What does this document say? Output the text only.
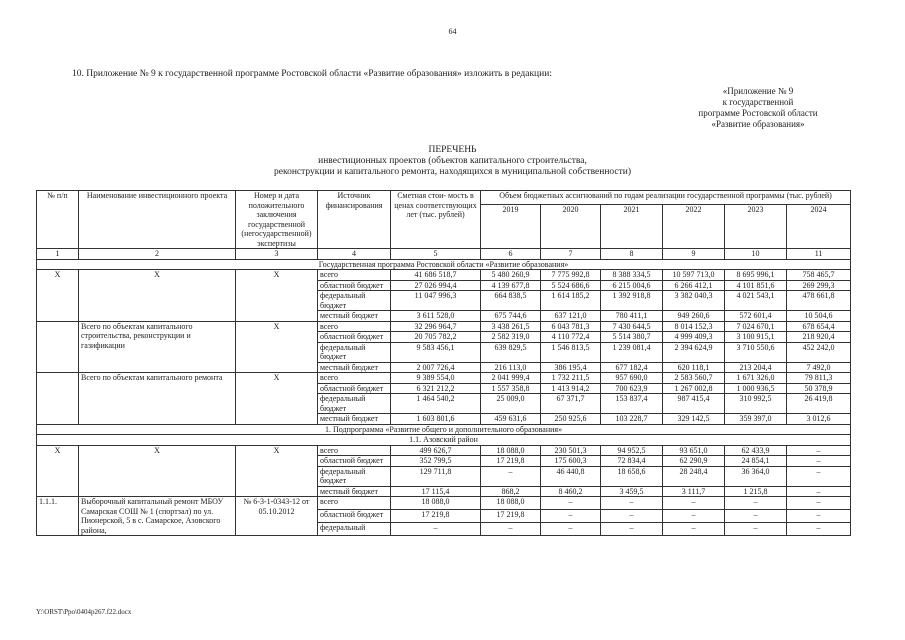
64
10. Приложение № 9 к государственной программе Ростовской области «Развитие образования» изложить в редакции:
«Приложение № 9
к государственной
программе Ростовской области
«Развитие образования»
ПЕРЕЧЕНЬ
инвестиционных проектов (объектов капитального строительства,
реконструкции и капитального ремонта, находящихся в муниципальной собственности)
№ п/п	Наименование инвестиционного проекта	Номер и дата положительного заключения государственной (негосударственной) экспертизы	Источник финансирования	Сметная стои- мость в ценах соответствующих лет (тыс. рублей)	Объем бюджетных ассигнований по годам реализации государственной программы (тыс. рублей)					
					2019	2020	2021	2022	2023	2024
1	2	3	4	5	6	7	8	9	10	11
Государственная программа Ростовской области «Развитие образования»										
X	X	X	всего	41 686 518,7	5 480 260,9	7 775 992,8	8 388 334,5	10 597 713,0	8 695 996,1	758 465,7
			областной бюджет	27 026 994,4	4 139 677,8	5 524 686,6	6 215 004,6	6 266 412,1	4 101 851,6	269 299,3
			федеральный бюджет	11 047 996,3	664 838,5	1 614 185,2	1 392 918,8	3 382 040,3	4 021 543,1	478 661,8
			местный бюджет	3 611 528,0	675 744,6	637 121,0	780 411,1	949 260,6	572 601,4	10 504,6
	Всего по объектам капитального строительства, реконструкции и газификации	X	всего	32 296 964,7	3 438 261,5	6 043 781,3	7 430 644,5	8 014 152,3	7 024 670,1	678 654,4
			областной бюджет	20 705 782,2	2 582 319,0	4 110 772,4	5 514 380,7	4 999 409,3	3 100 915,1	218 920,4
			федеральный бюджет	9 583 456,1	639 829,5	1 546 813,5	1 239 081,4	2 394 624,9	3 710 550,6	452 242,0
			местный бюджет	2 007 726,4	216 113,0	386 195,4	677 182,4	620 118,1	213 204,4	7 492,0
	Всего по объектам капитального ремонта	X	всего	9 389 554,0	2 041 999,4	1 732 211,5	957 690,0	2 583 560,7	1 671 326,0	79 811,3
			областной бюджет	6 321 212,2	1 557 358,8	1 413 914,2	700 623,9	1 267 002,8	1 000 936,5	50 378,9
			федеральный бюджет	1 464 540,2	25 009,0	67 371,7	153 837,4	987 415,4	310 992,5	26 419,8
			местный бюджет	1 603 801,6	459 631,6	250 925,6	103 228,7	329 142,5	359 397,0	3 012,6
1. Подпрограмма «Развитие общего и дополнительного образования»										
1.1. Азовский район										
X	X	X	всего	499 626,7	18 088,0	230 501,3	94 952,5	93 651,0	62 433,9	–
			областной бюджет	352 799,5	17 219,8	175 600,3	72 834,4	62 290,9	24 854,1	–
			федеральный бюджет	129 711,8	–	46 440,8	18 658,6	28 248,4	36 364,0	–
			местный бюджет	17 115,4	868,2	8 460,2	3 459,5	3 111,7	1 215,8	–
1.1.1.	Выборочный капитальный ремонт МБОУ Самарская СОШ № 1 (спортзал) по ул. Пионерской, 5 в с. Самарское, Азовского района,	№ 6-3-1-0343-12 от 05.10.2012	всего	18 088,0	18 088,0	–	–	–	–	–
			областной бюджет	17 219,8	17 219,8	–	–	–	–	–
			федеральный	–	–	–	–	–	–	–
Y:\ORST\Ppo\0404p267.f22.docx
